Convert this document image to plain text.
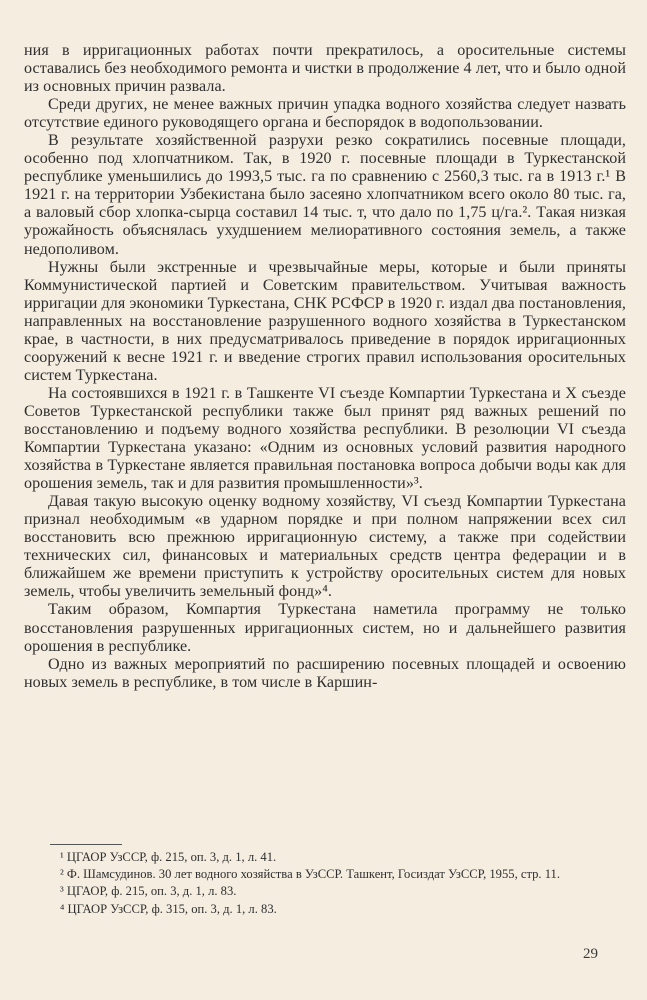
ния в ирригационных работах почти прекратилось, а оросительные системы оставались без необходимого ремонта и чистки в продолжение 4 лет, что и было одной из основных причин развала.

Среди других, не менее важных причин упадка водного хозяйства следует назвать отсутствие единого руководящего органа и беспорядок в водопользовании.

В результате хозяйственной разрухи резко сократились посевные площади, особенно под хлопчатником. Так, в 1920 г. посевные площади в Туркестанской республике уменьшились до 1993,5 тыс. га по сравнению с 2560,3 тыс. га в 1913 г.¹ В 1921 г. на территории Узбекистана было засеяно хлопчатником всего около 80 тыс. га, а валовый сбор хлопка-сырца составил 14 тыс. т, что дало по 1,75 ц/га.². Такая низкая урожайность объяснялась ухудшением мелиоративного состояния земель, а также недополивом.

Нужны были экстренные и чрезвычайные меры, которые и были приняты Коммунистической партией и Советским правительством. Учитывая важность ирригации для экономики Туркестана, СНК РСФСР в 1920 г. издал два постановления, направленных на восстановление разрушенного водного хозяйства в Туркестанском крае, в частности, в них предусматривалось приведение в порядок ирригационных сооружений к весне 1921 г. и введение строгих правил использования оросительных систем Туркестана.

На состоявшихся в 1921 г. в Ташкенте VI съезде Компартии Туркестана и X съезде Советов Туркестанской республики также был принят ряд важных решений по восстановлению и подъему водного хозяйства республики. В резолюции VI съезда Компартии Туркестана указано: «Одним из основных условий развития народного хозяйства в Туркестане является правильная постановка вопроса добычи воды как для орошения земель, так и для развития промышленности»³.

Давая такую высокую оценку водному хозяйству, VI съезд Компартии Туркестана признал необходимым «в ударном порядке и при полном напряжении всех сил восстановить всю прежнюю ирригационную систему, а также при содействии технических сил, финансовых и материальных средств центра федерации и в ближайшем же времени приступить к устройству оросительных систем для новых земель, чтобы увеличить земельный фонд»⁴.

Таким образом, Компартия Туркестана наметила программу не только восстановления разрушенных ирригационных систем, но и дальнейшего развития орошения в республике.

Одно из важных мероприятий по расширению посевных площадей и освоению новых земель в республике, в том числе в Каршин-

¹ ЦГАОР УзССР, ф. 215, оп. 3, д. 1, л. 41.

² Ф. Шамсудинов. 30 лет водного хозяйства в УзССР. Ташкент, Госиздат УзССР, 1955, стр. 11.

³ ЦГАОР, ф. 215, оп. 3, д. 1, л. 83.

⁴ ЦГАОР УзССР, ф. 315, оп. 3, д. 1, л. 83.

29
